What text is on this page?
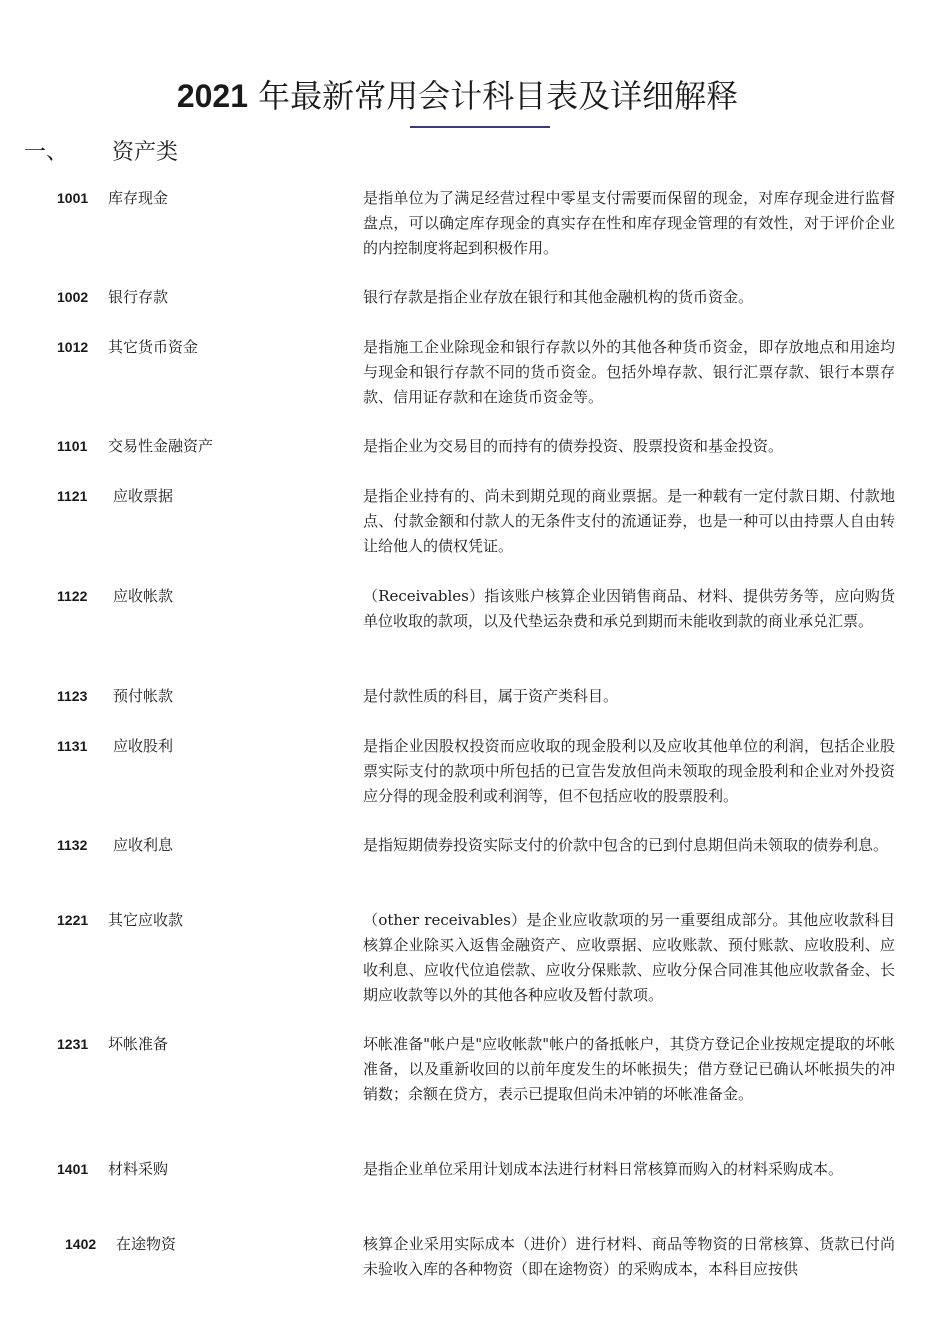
2021 年最新常用会计科目表及详细解释
一、 资产类
1001 库存现金	是指单位为了满足经营过程中零星支付需要而保留的现金，对库存现金进行监督盘点，可以确定库存现金的真实存在性和库存现金管理的有效性，对于评价企业的内控制度将起到积极作用。
1002 银行存款	银行存款是指企业存放在银行和其他金融机构的货币资金。
1012 其它货币资金	是指施工企业除现金和银行存款以外的其他各种货币资金，即存放地点和用途均与现金和银行存款不同的货币资金。包括外埠存款、银行汇票存款、银行本票存款、信用证存款和在途货币资金等。
1101 交易性金融资产	是指企业为交易目的而持有的债券投资、股票投资和基金投资。
1121 应收票据	是指企业持有的、尚未到期兑现的商业票据。是一种载有一定付款日期、付款地点、付款金额和付款人的无条件支付的流通证券，也是一种可以由持票人自由转让给他人的债权凭证。
1122 应收帐款	（Receivables）指该账户核算企业因销售商品、材料、提供劳务等，应向购货单位收取的款项，以及代垫运杂费和承兑到期而未能收到款的商业承兑汇票。
1123 预付帐款	是付款性质的科目，属于资产类科目。
1131 应收股利	是指企业因股权投资而应收取的现金股利以及应收其他单位的利润，包括企业股票实际支付的款项中所包括的已宣告发放但尚未领取的现金股利和企业对外投资应分得的现金股利或利润等，但不包括应收的股票股利。
1132 应收利息	是指短期债券投资实际支付的价款中包含的已到付息期但尚未领取的债券利息。
1221 其它应收款	（other receivables）是企业应收款项的另一重要组成部分。其他应收款科目核算企业除买入返售金融资产、应收票据、应收账款、预付账款、应收股利、应收利息、应收代位追偿款、应收分保账款、应收分保合同准其他应收款备金、长期应收款等以外的其他各种应收及暂付款项。
1231 坏帐准备	坏帐准备"帐户是"应收帐款"帐户的备抵帐户，其贷方登记企业按规定提取的坏帐准备，以及重新收回的以前年度发生的坏帐损失；借方登记已确认坏帐损失的冲销数；余额在贷方，表示已提取但尚未冲销的坏帐准备金。
1401 材料采购	是指企业单位采用计划成本法进行材料日常核算而购入的材料采购成本。
1402 在途物资	核算企业采用实际成本（进价）进行材料、商品等物资的日常核算、货款已付尚未验收入库的各种物资（即在途物资）的采购成本，本科目应按供
